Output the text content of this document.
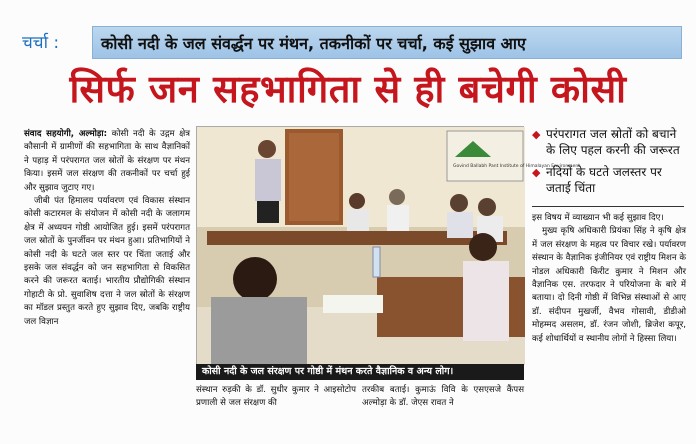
चर्चा :	कोसी नदी के जल संवर्द्धन पर मंथन, तकनीकों पर चर्चा, कई सुझाव आए
सिर्फ जन सहभागिता से ही बचेगी कोसी

संवाद सहयोगी, अल्मोड़ा: कोसी नदी के उद्गम क्षेत्र कौसानी में ग्रामीणों की सहभागिता के साथ वैज्ञानिकों ने पहाड़ में परंपरागत जल स्रोतों के संरक्षण पर मंथन किया। इसमें जल संरक्षण की तकनीकों पर चर्चा हुई और सुझाव जुटाए गए।

जीबी पंत हिमालय पर्यावरण एवं विकास संस्थान कोसी कटारमल के संयोजन में कोसी नदी के जलागम क्षेत्र में अध्ययन गोष्ठी आयोजित हुई। इसमें परंपरागत जल स्रोतों के पुनर्जीवन पर मंथन हुआ। प्रतिभागियों ने कोसी नदी के घटते जल स्तर पर चिंता जताई और इसके जल संवर्द्धन को जन सहभागिता से विकसित करने की जरूरत बताई। भारतीय प्रौद्योगिकी संस्थान गोहाटी के प्रो. सुवाशिष दत्ता ने जल स्रोतों के संरक्षण का मॉडल प्रस्तुत करते हुए सुझाव दिए, जबकि राष्ट्रीय जल विज्ञान

Govind Ballabh Pant Institute of Himalayan Environment
कोसी नदी के जल संरक्षण पर गोष्ठी में मंथन करते वैज्ञानिक व अन्य लोग।

संस्थान रुड़की के डॉ. सुधीर कुमार ने आइसोटोप प्रणाली से जल संरक्षण की

तरकीब बताई। कुमाऊं विवि के एसएसजे कैंपस अल्मोड़ा के डॉ. जेएस रावत ने

◆ परंपरागत जल स्रोतों को बचाने के लिए पहल करनी की जरूरत
◆ नदियों के घटते जलस्तर पर जताई चिंता

इस विषय में व्याख्यान भी कई सुझाव दिए।

मुख्य कृषि अधिकारी प्रियंका सिंह ने कृषि क्षेत्र में जल संरक्षण के महत्व पर विचार रखे। पर्यावरण संस्थान के वैज्ञानिक इंजीनियर एवं राष्ट्रीय मिशन के नोडल अधिकारी किरीट कुमार ने मिशन और वैज्ञानिक एस. तरफदार ने परियोजना के बारे में बताया। दो दिनी गोष्ठी में विभिन्न संस्थाओं से आए डॉ. संदीपन मुखर्जी, वैभव गोसावी, डीडीओ मोहम्मद असलम, डॉ. रंजन जोशी, ब्रिजेश कपूर, कई शोधार्थियों व स्थानीय लोगों ने हिस्सा लिया।
